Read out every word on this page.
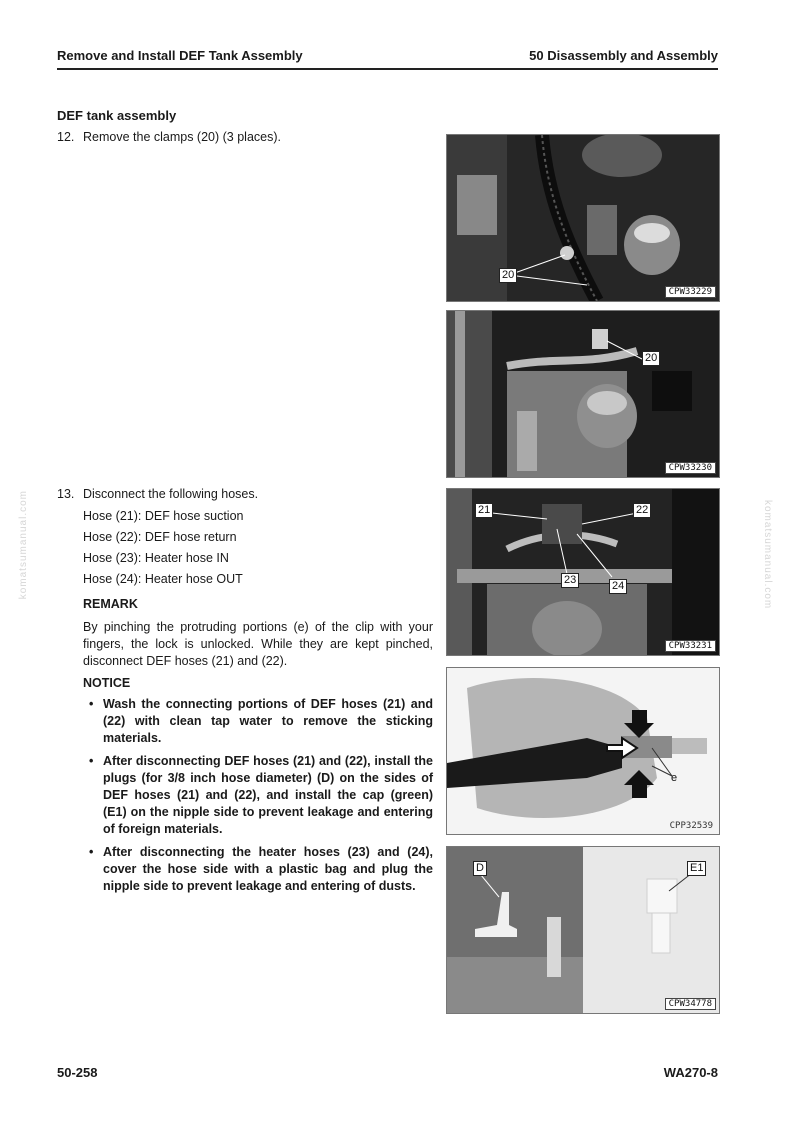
Remove and Install DEF Tank Assembly	50 Disassembly and Assembly
komatsumanual.com	komatsumanual.com
DEF tank assembly
12. Remove the clamps (20) (3 places).
13. Disconnect the following hoses.
Hose (21): DEF hose suction
Hose (22): DEF hose return
Hose (23): Heater hose IN
Hose (24): Heater hose OUT
REMARK
By pinching the protruding portions (e) of the clip with your fingers, the lock is unlocked. While they are kept pinched, disconnect DEF hoses (21) and (22).
NOTICE
• Wash the connecting portions of DEF hoses (21) and (22) with clean tap water to remove the sticking materials.
• After disconnecting DEF hoses (21) and (22), install the plugs (for 3/8 inch hose diameter) (D) on the sides of DEF hoses (21) and (22), and install the cap (green) (E1) on the nipple side to prevent leakage and entering of foreign materials.
• After disconnecting the heater hoses (23) and (24), cover the hose side with a plastic bag and plug the nipple side to prevent leakage and entering of dusts.
20
CPW33229
20
CPW33230
21	22
23	24
CPW33231
e
CPP32539
D	E1
CPW34778
50-258	WA270-8
